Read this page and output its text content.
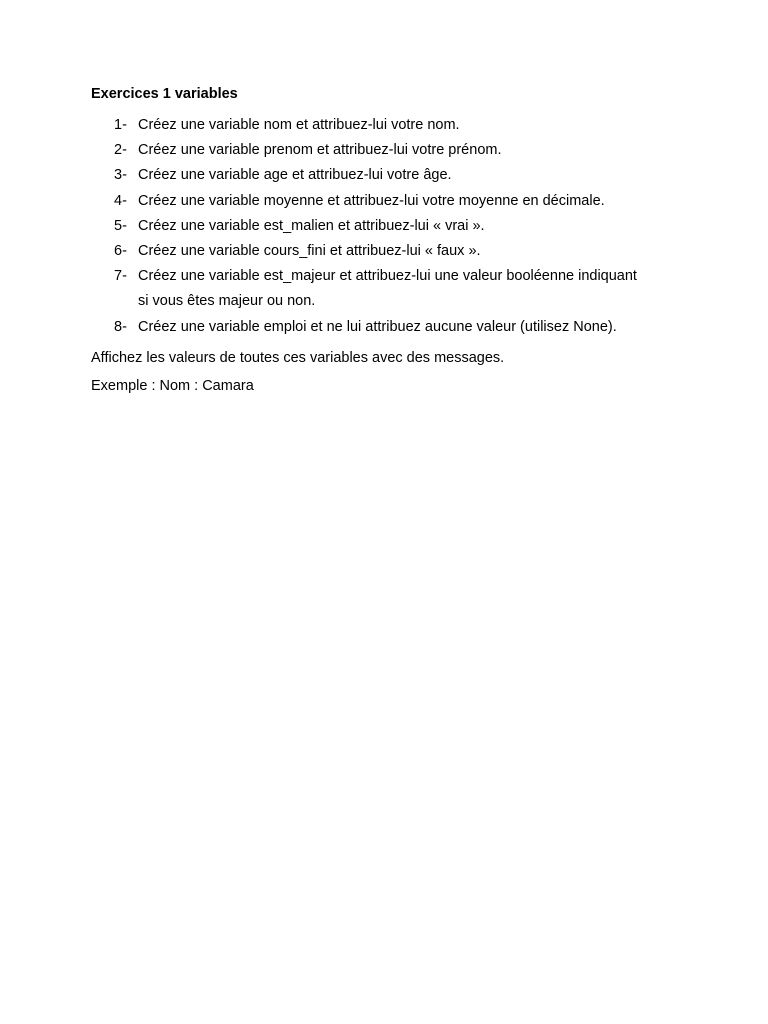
Exercices 1 variables
1- Créez une variable nom et attribuez-lui votre nom.
2- Créez une variable prenom et attribuez-lui votre prénom.
3- Créez une variable age et attribuez-lui votre âge.
4- Créez une variable moyenne et attribuez-lui votre moyenne en décimale.
5- Créez une variable est_malien et attribuez-lui « vrai ».
6- Créez une variable cours_fini et attribuez-lui « faux ».
7- Créez une variable est_majeur et attribuez-lui une valeur booléenne indiquant
si vous êtes majeur ou non.
8- Créez une variable emploi et ne lui attribuez aucune valeur (utilisez None).
Affichez les valeurs de toutes ces variables avec des messages.
Exemple : Nom : Camara
